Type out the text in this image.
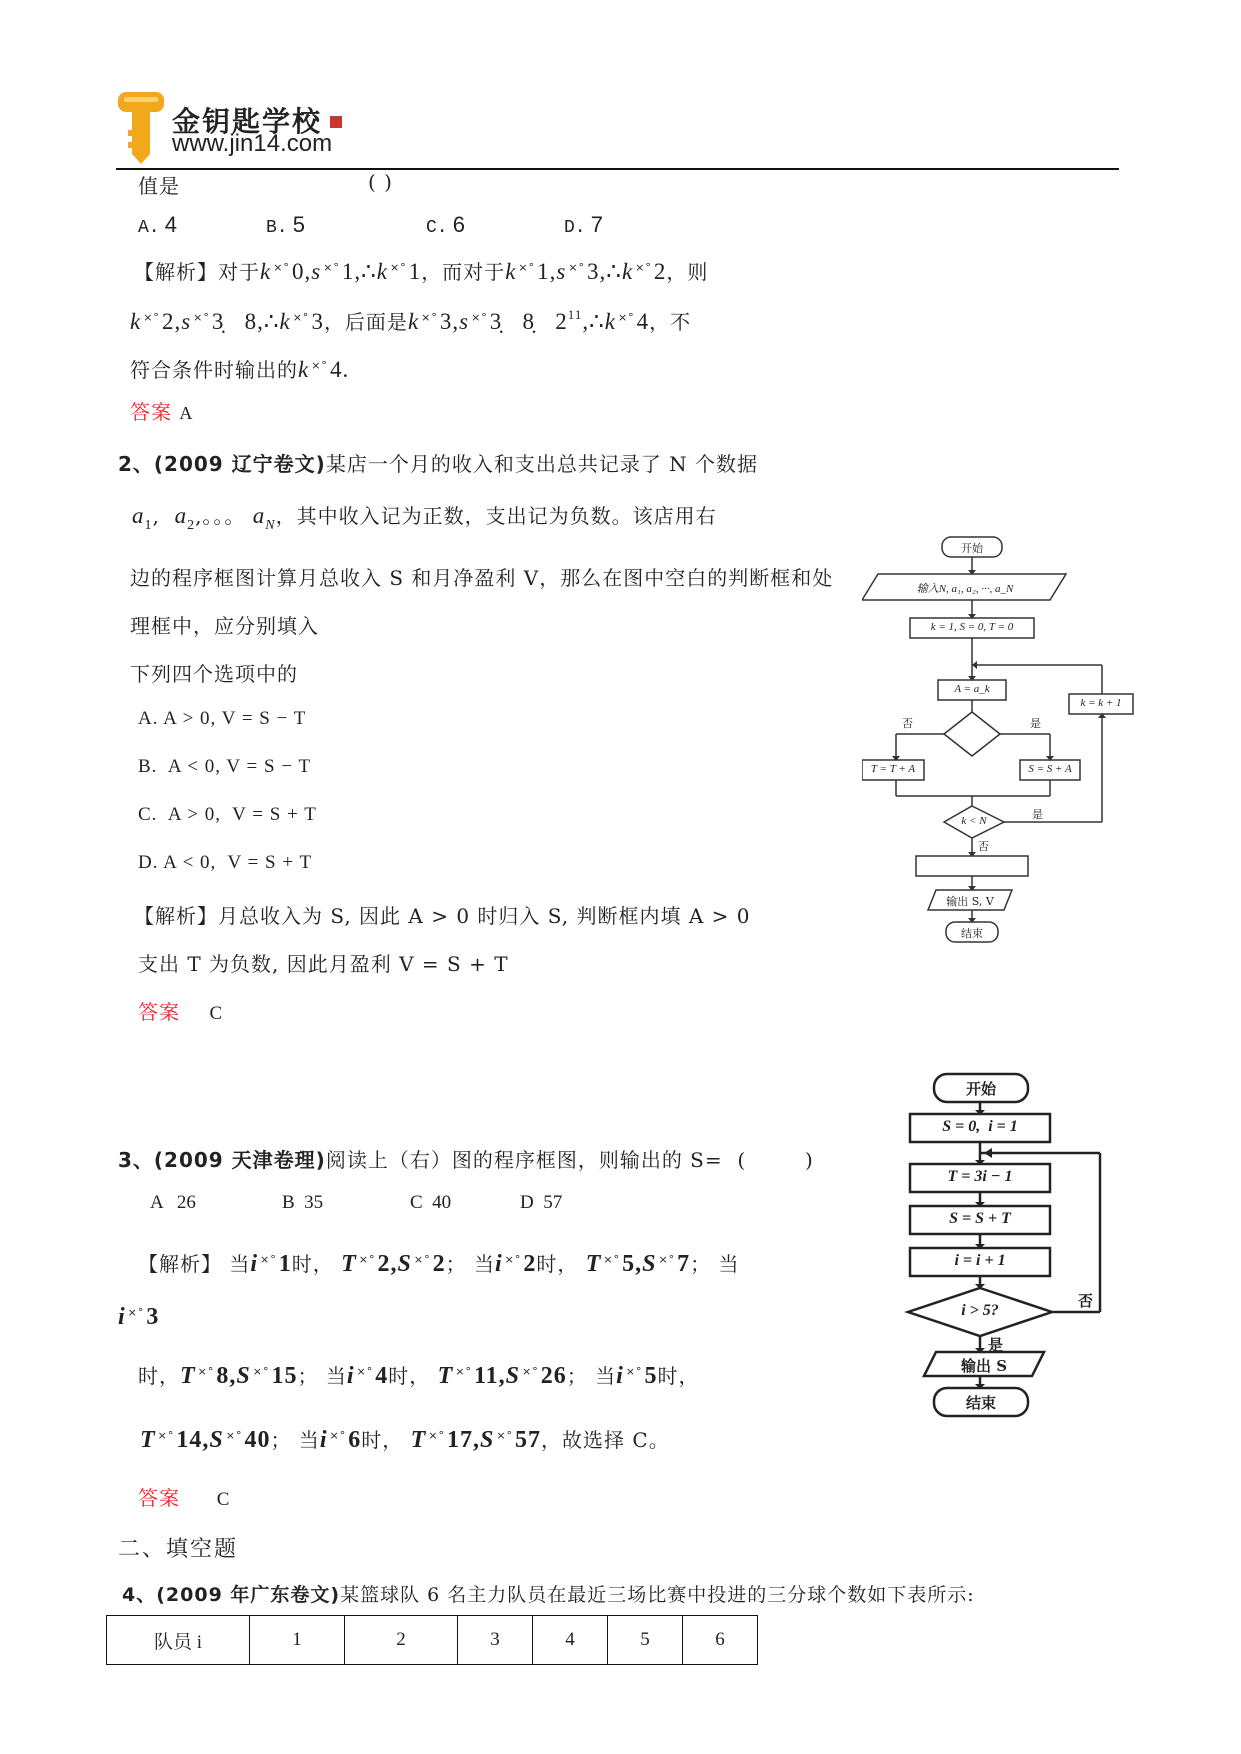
金钥匙学校
www.jin14.com
值是	( )
A. 4	B. 5	C. 6	D. 7
【解析】对于k ×°0,s ×°1,∴k ×°1，而对于k ×°1,s ×°3,∴k ×°2，则
k ×°2,s ×°3̣   8,∴k ×°3，后面是k ×°3,s ×°3̣   8̣   $2^{11},\therefore k$ ×°4，不
符合条件时输出的k ×°4.
答案 A
2、(2009 辽宁卷文)某店一个月的收入和支出总共记录了 N 个数据
$a_1$,  $a_2$,。。。 $a_N$，其中收入记为正数，支出记为负数。该店用右
边的程序框图计算月总收入 S 和月净盈利 V，那么在图中空白的判断框和处
理框中，应分别填入
下列四个选项中的
A. A > 0, V = S − T
B.  A < 0, V = S − T
C.  A > 0,  V = S + T
D. A < 0,  V = S + T
【解析】月总收入为 S, 因此 A > 0 时归入 S, 判断框内填 A > 0
支出 T 为负数, 因此月盈利 V = S + T
答案 C
开始
输入N, a₁, a₂, ···, a_N
k = 1, S = 0, T = 0
A = a_k
否	是
T = T + A	S = S + A
k = k + 1
k < N	是
否
输出 S, V
结束
3、(2009 天津卷理)阅读上（右）图的程序框图，则输出的 S=  (        )
A   26	B  35	C  40	D  57
【解析】 当i ×°1时， T ×°2,S ×°2； 当i ×°2时， T ×°5,S ×°7； 当
i ×°3
时，T ×°8,S ×°15； 当i ×°4时， T ×°11,S ×°26； 当i ×°5时，
T ×°14,S ×°40； 当i ×°6时， T ×°17,S ×°57，故选择 C。
答案 C
开始
S = 0,  i = 1
T = 3i − 1
S = S + T
i = i + 1
i > 5?
否
是
输出 S
结束
二、填空题
4、(2009 年广东卷文)某篮球队 6 名主力队员在最近三场比赛中投进的三分球个数如下表所示:
队员 i	1	2	3	4	5	6
